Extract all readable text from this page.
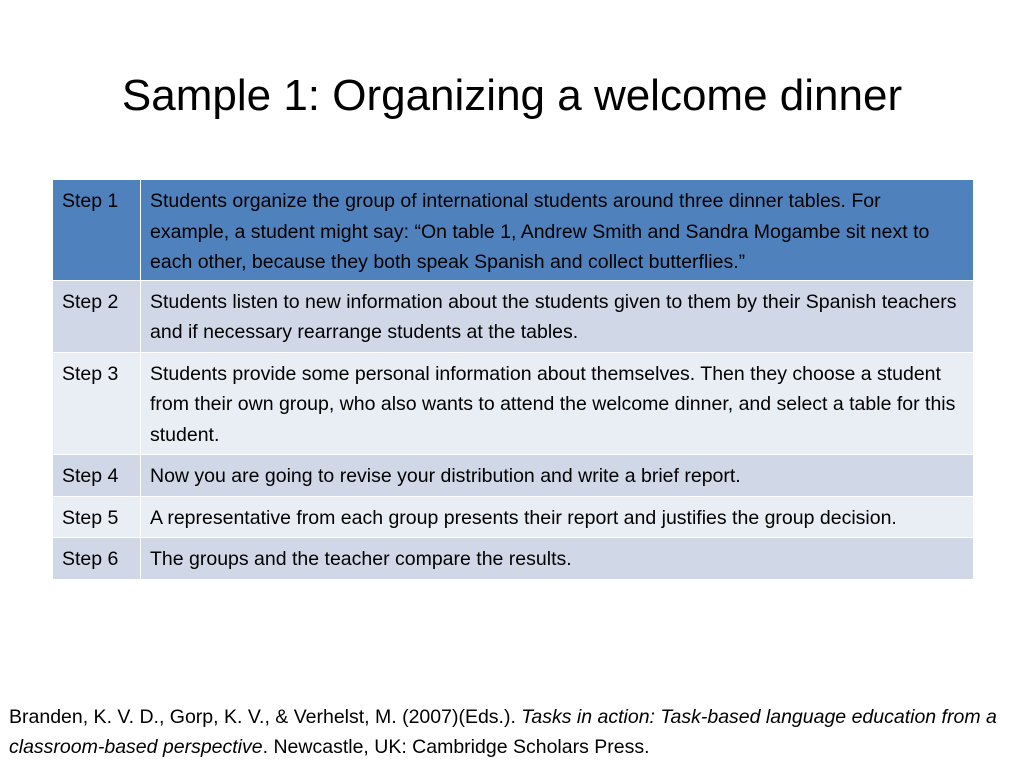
Sample 1: Organizing a welcome dinner
Step 1	Students organize the group of international students around three dinner tables. For example, a student might say: “On table 1, Andrew Smith and Sandra Mogambe sit next to each other, because they both speak Spanish and collect butterflies.”
Step 2	Students listen to new information about the students given to them by their Spanish teachers and if necessary rearrange students at the tables.
Step 3	Students provide some personal information about themselves. Then they choose a student from their own group, who also wants to attend the welcome dinner, and select a table for this student.
Step 4	Now you are going to revise your distribution and write a brief report.
Step 5	A representative from each group presents their report and justifies the group decision.
Step 6	The groups and the teacher compare the results.
Branden, K. V. D., Gorp, K. V., & Verhelst, M. (2007)(Eds.). Tasks in action: Task-based language education from a classroom-based perspective. Newcastle, UK: Cambridge Scholars Press.
